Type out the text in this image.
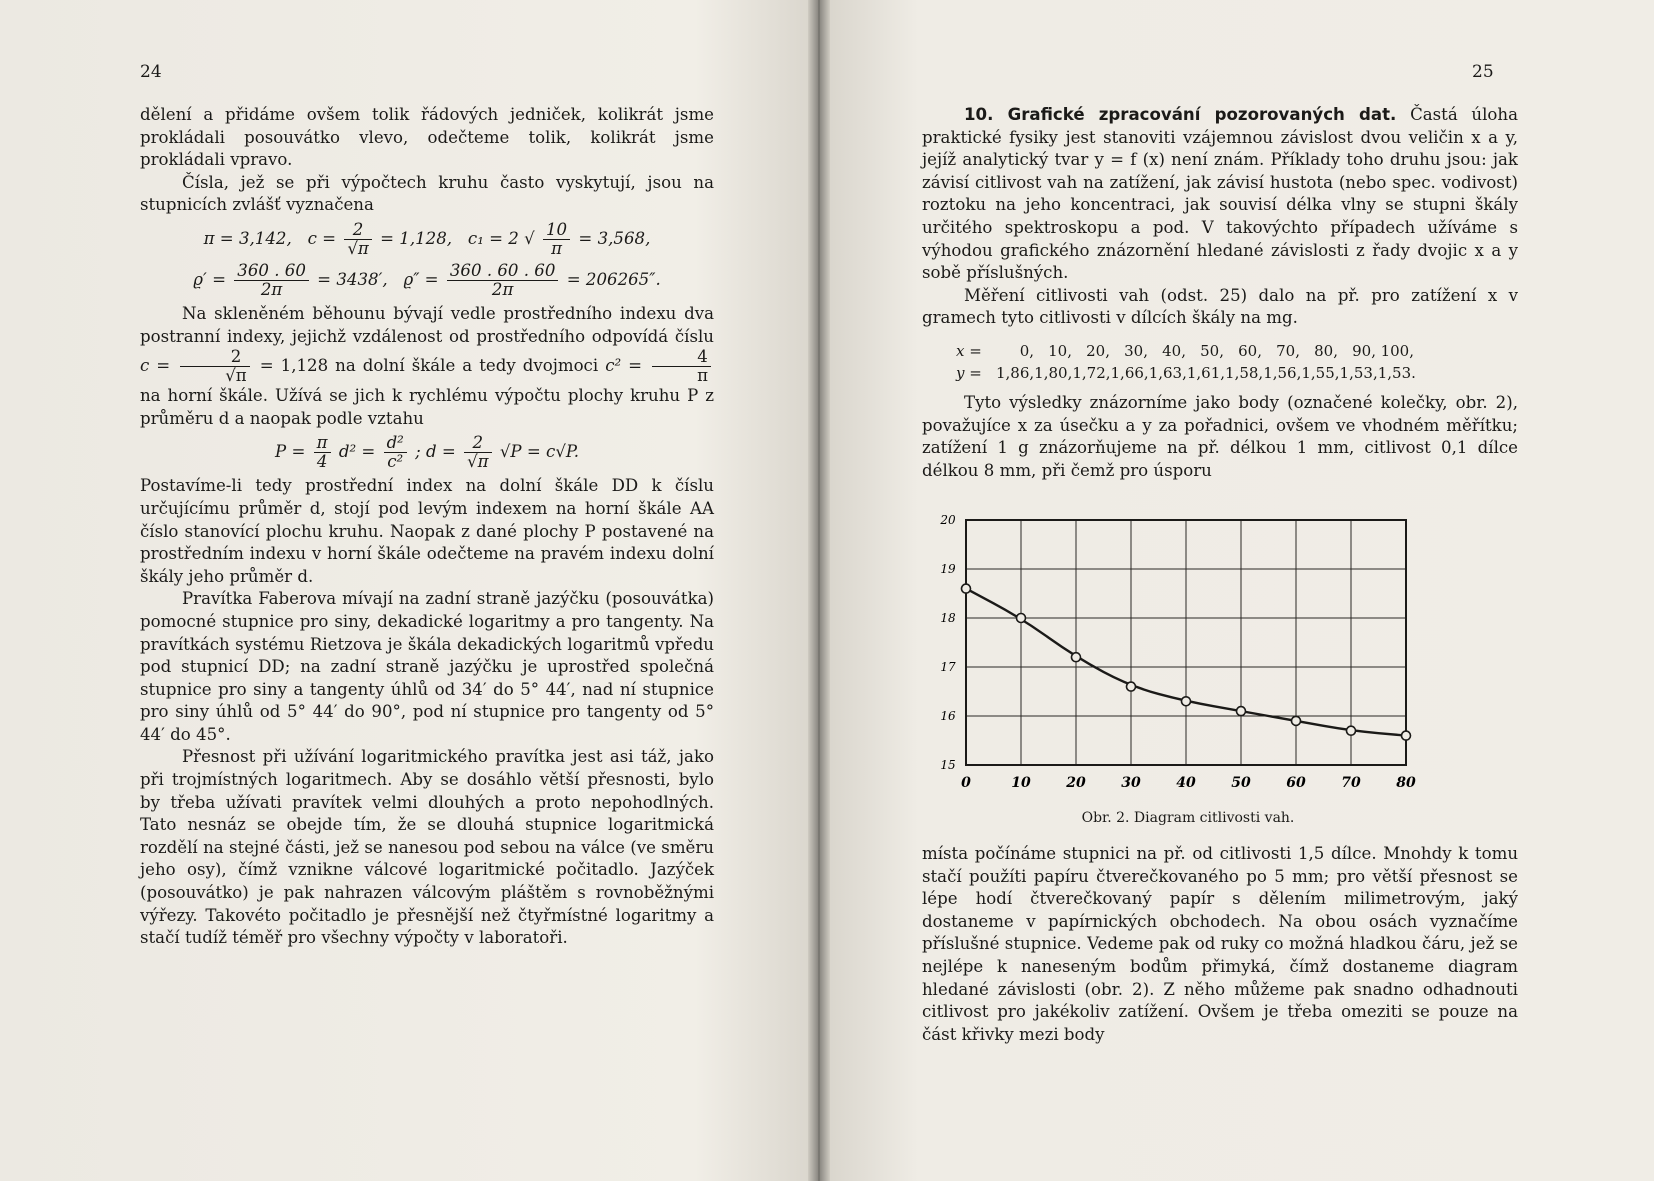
24

dělení a přidáme ovšem tolik řádových jedniček, kolikrát jsme prokládali posouvátko vlevo, odečteme tolik, kolikrát jsme prokládali vpravo.

Čísla, jež se při výpočtech kruhu často vyskytují, jsou na stupnicích zvlášť vyznačena

π = 3,142, $c = \frac{2}{√\pi} = 1,128$, c₁ = 2 √ $\frac{10}{\pi} = 3,568$,
$ϱ' = \frac{360 . 60}{2\pi} = 3438'$, $ϱ'' = \frac{360 . 60 . 60}{2\pi} = 206265''$.

Na skleněném běhounu bývají vedle prostředního indexu dva postranní indexy, jejichž vzdálenost od prostředního odpovídá číslu $c = \frac{2}{√\pi} = 1,128$ na dolní škále a tedy dvojmoci $c^2 = \frac{4}{\pi}$
na horní škále. Užívá se jich k rychlému výpočtu plochy kruhu P z průměru d a naopak podle vztahu

$P = \frac{\pi}{4} d^2 = \frac{\text{d²}}{\text{c²}}$ ; $d = \frac{2}{√\pi} √P = c√P$.

Postavíme-li tedy prostřední index na dolní škále DD k číslu určujícímu průměr d, stojí pod levým indexem na horní škále AA číslo stanovící plochu kruhu. Naopak z dané plochy P postavené na prostředním indexu v horní škále odečteme na pravém indexu dolní škály jeho průměr d.

Pravítka Faberova mívají na zadní straně jazýčku (posouvátka) pomocné stupnice pro siny, dekadické logaritmy a pro tangenty. Na pravítkách systému Rietzova je škála dekadických logaritmů vpředu pod stupnicí DD; na zadní straně jazýčku je uprostřed společná stupnice pro siny a tangenty úhlů od 34′ do 5° 44′, nad ní stupnice pro siny úhlů od 5° 44′ do 90°, pod ní stupnice pro tangenty od 5° 44′ do 45°.

Přesnost při užívání logaritmického pravítka jest asi táž, jako při trojmístných logaritmech. Aby se dosáhlo větší přesnosti, bylo by třeba užívati pravítek velmi dlouhých a proto nepohodlných. Tato nesnáz se obejde tím, že se dlouhá stupnice logaritmická rozdělí na stejné části, jež se nanesou pod sebou na válce (ve směru jeho osy), čímž vznikne válcové logaritmické počitadlo. Jazýček (posouvátko) je pak nahrazen válcovým pláštěm s rovnoběžnými výřezy. Takovéto počitadlo je přesnější než čtyřmístné logaritmy a stačí tudíž téměř pro všechny výpočty v laboratoři.

25

10. Grafické zpracování pozorovaných dat. Častá úloha praktické fysiky jest stanoviti vzájemnou závislost dvou veličin x a y, jejíž analytický tvar y = f (x) není znám. Příklady toho druhu jsou: jak závisí citlivost vah na zatížení, jak závisí hustota (nebo spec. vodivost) roztoku na jeho koncentraci, jak souvisí délka vlny se stupni škály určitého spektroskopu a pod. V takovýchto případech užíváme s výhodou grafického znázornění hledané závislosti z řady dvojic x a y sobě příslušných.

Měření citlivosti vah (odst. 25) dalo na př. pro zatížení x v gramech tyto citlivosti v dílcích škály na mg.

x =	0, 10, 20, 30, 40, 50, 60, 70, 80, 90, 100,
y = 1,86,1,80,1,72,1,66,1,63,1,61,1,58,1,56,1,55,1,53,1,53.

Tyto výsledky znázorníme jako body (označené kolečky, obr. 2), považujíce x za úsečku a y za pořadnici, ovšem ve vhodném měřítku; zatížení 1 g znázorňujeme na př. délkou 1 mm, citlivost 0,1 dílce délkou 8 mm, při čemž pro úsporu

0	10	20	30	40	50	60	70	80
15
16
17
18
19
20
Obr. 2. Diagram citlivosti vah.

místa počínáme stupnici na př. od citlivosti 1,5 dílce. Mnohdy k tomu stačí použíti papíru čtverečkovaného po 5 mm; pro větší přesnost se lépe hodí čtverečkovaný papír s dělením milimetrovým, jaký dostaneme v papírnických obchodech. Na obou osách vyznačíme příslušné stupnice. Vedeme pak od ruky co možná hladkou čáru, jež se nejlépe k naneseným bodům přimyká, čímž dostaneme diagram hledané závislosti (obr. 2). Z něho můžeme pak snadno odhadnouti citlivost pro jakékoliv zatížení. Ovšem je třeba omeziti se pouze na část křivky mezi body
